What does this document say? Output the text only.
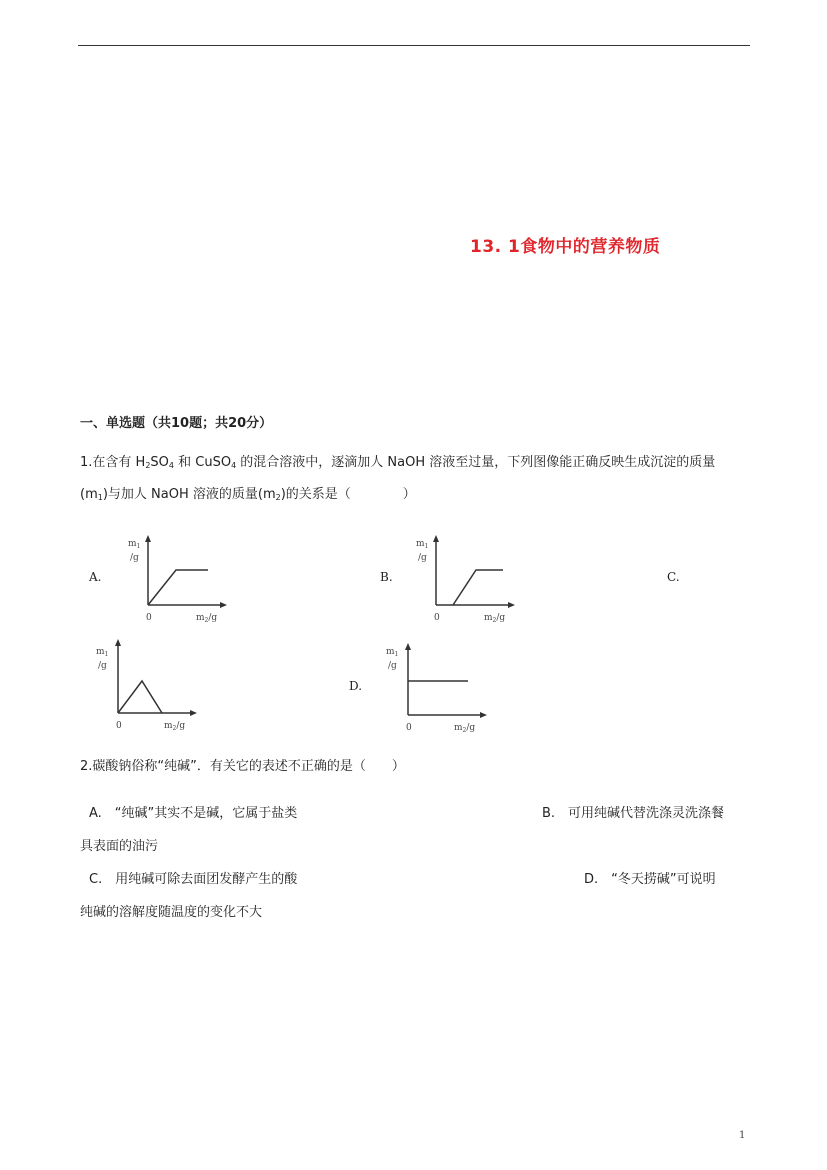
13. 1食物中的营养物质
一、单选题（共10题；共20分）
1.在含有 $H_2SO_4$ 和 CuSO$_4$ 的混合溶液中，逐滴加人 NaOH 溶液至过量，下列图像能正确反映生成沉淀的质量
$(m_1)$与加人 NaOH 溶液的质量$(m_2)$的关系是（　　　　）
A.	B.	C.
D.
$m_1$
/g
0	$m_2/g$
$m_1$
/g
0	$m_2/g$
$m_1$
/g
0	$m_2/g$
$m_1$
/g
0	$m_2/g$
2.碳酸钠俗称“纯碱”．有关它的表述不正确的是（　　）
A.　“纯碱”其实不是碱，它属于盐类	B.　可用纯碱代替洗涤灵洗涤餐
具表面的油污
C.　用纯碱可除去面团发酵产生的酸	D.　“冬天捞碱”可说明
纯碱的溶解度随温度的变化不大
1
